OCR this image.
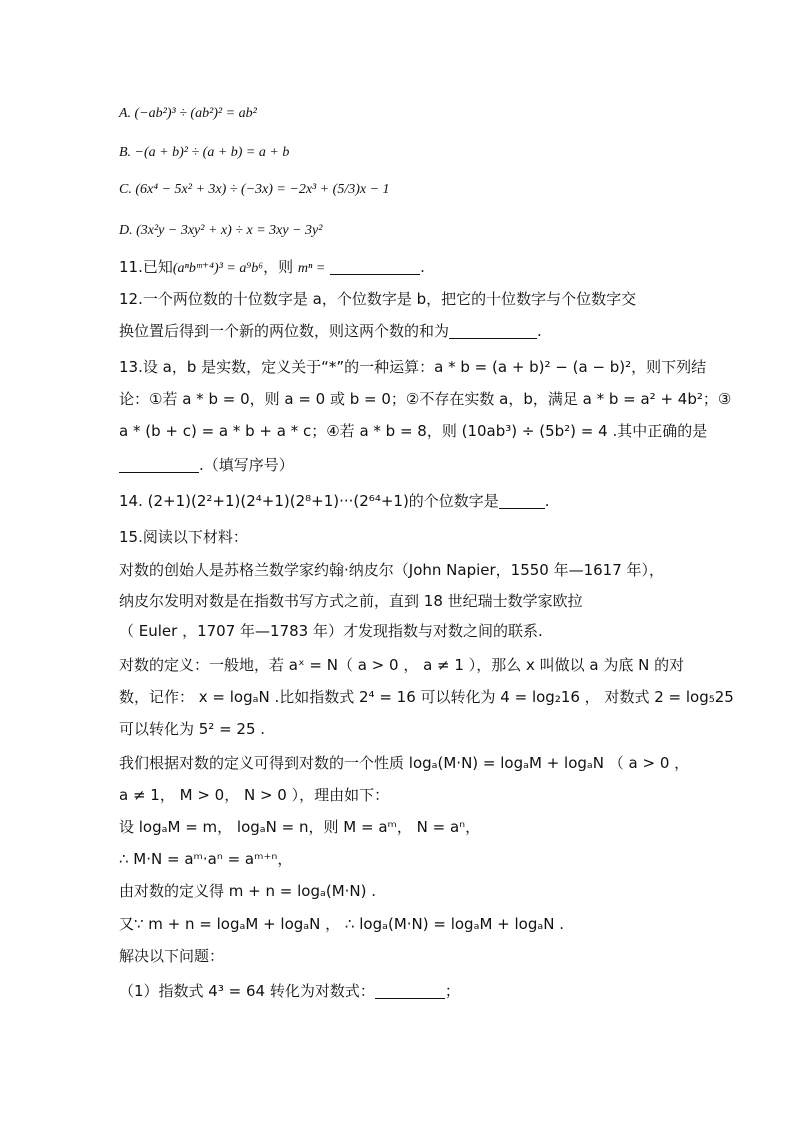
A. (−ab²)³ ÷ (ab²)² = ab²
B. −(a + b)² ÷ (a + b) = a + b
C. (6x⁴ − 5x² + 3x) ÷ (−3x) = −2x³ + (5/3)x − 1
D. (3x²y − 3xy² + x) ÷ x = 3xy − 3y²
11.已知(aⁿbᵐ⁺⁴)³ = a⁹b⁶，则 mⁿ =	.
12.一个两位数的十位数字是 a，个位数字是 b，把它的十位数字与个位数字交
换位置后得到一个新的两位数，则这两个数的和为	.
13.设 a，b 是实数，定义关于“*”的一种运算：a * b = (a + b)² − (a − b)²，则下列结
论：①若 a * b = 0，则 a = 0 或 b = 0；②不存在实数 a，b，满足 a * b = a² + 4b²；③
a * (b + c) = a * b + a * c；④若 a * b = 8，则 (10ab³) ÷ (5b²) = 4 .其中正确的是
.（填写序号）
14. (2+1)(2²+1)(2⁴+1)(2⁸+1)···(2⁶⁴+1)的个位数字是	.
15.阅读以下材料：
对数的创始人是苏格兰数学家约翰·纳皮尔（John Napier，1550 年—1617 年），
纳皮尔发明对数是在指数书写方式之前，直到 18 世纪瑞士数学家欧拉
（ Euler ，1707 年—1783 年）才发现指数与对数之间的联系.
对数的定义：一般地，若 aˣ = N（ a > 0 ， a ≠ 1 ），那么 x 叫做以 a 为底 N 的对
数，记作： x = logₐN .比如指数式 2⁴ = 16 可以转化为 4 = log₂16 ， 对数式 2 = log₅25
可以转化为 5² = 25 .
我们根据对数的定义可得到对数的一个性质 logₐ(M·N) = logₐM + logₐN （ a > 0 ，
a ≠ 1， M > 0， N > 0 ），理由如下：
设 logₐM = m， logₐN = n，则 M = aᵐ， N = aⁿ，
∴ M·N = aᵐ·aⁿ = aᵐ⁺ⁿ，
由对数的定义得 m + n = logₐ(M·N) .
又∵ m + n = logₐM + logₐN ， ∴ logₐ(M·N) = logₐM + logₐN .
解决以下问题：
（1）指数式 4³ = 64 转化为对数式：	；
